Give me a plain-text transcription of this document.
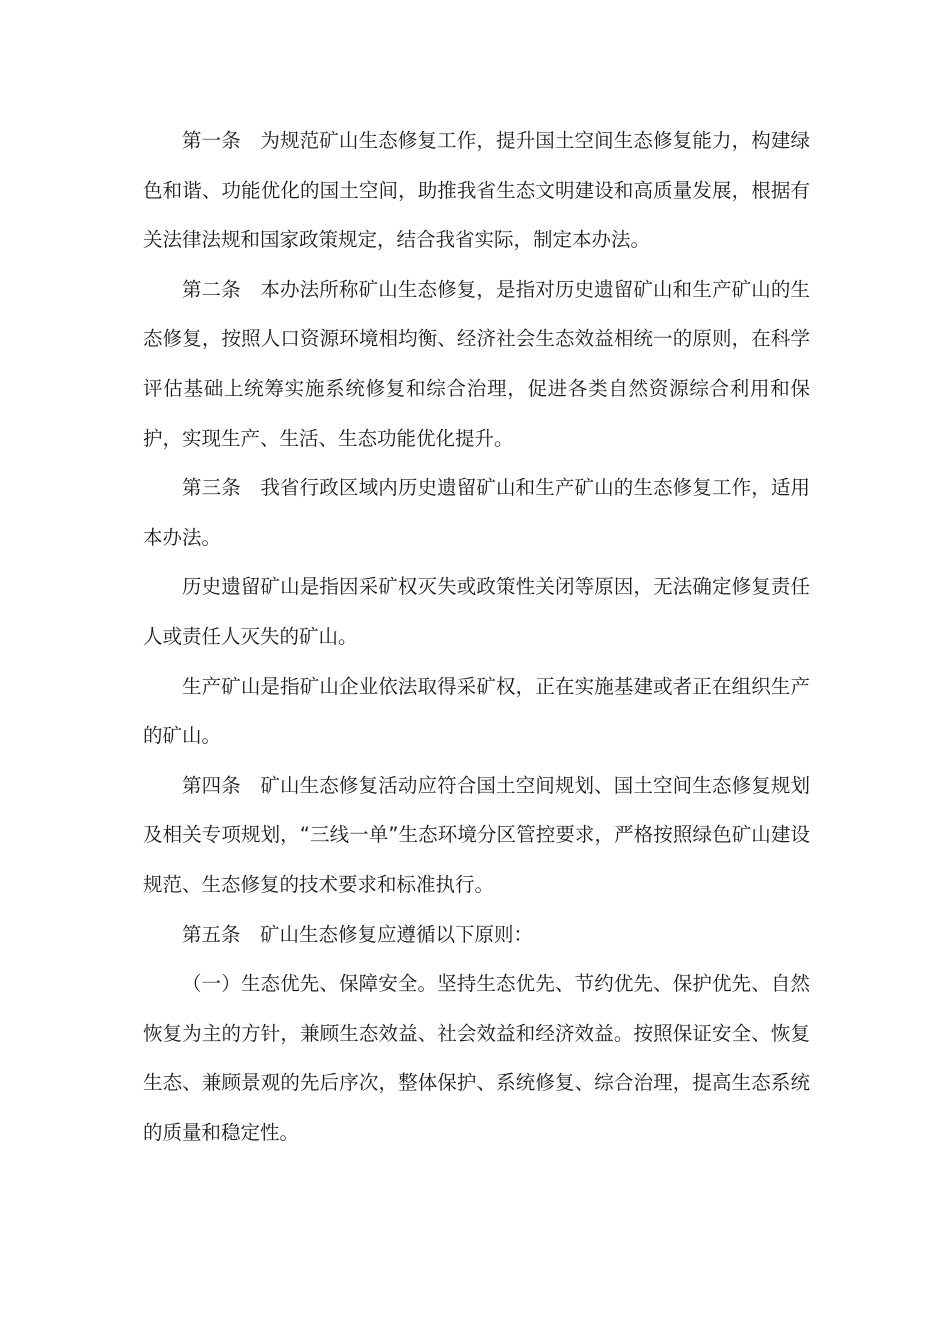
第一条 为规范矿山生态修复工作，提升国土空间生态修复能力，构建绿色和谐、功能优化的国土空间，助推我省生态文明建设和高质量发展，根据有关法律法规和国家政策规定，结合我省实际，制定本办法。

第二条 本办法所称矿山生态修复，是指对历史遗留矿山和生产矿山的生态修复，按照人口资源环境相均衡、经济社会生态效益相统一的原则，在科学评估基础上统筹实施系统修复和综合治理，促进各类自然资源综合利用和保护，实现生产、生活、生态功能优化提升。

第三条 我省行政区域内历史遗留矿山和生产矿山的生态修复工作，适用本办法。

历史遗留矿山是指因采矿权灭失或政策性关闭等原因，无法确定修复责任人或责任人灭失的矿山。

生产矿山是指矿山企业依法取得采矿权，正在实施基建或者正在组织生产的矿山。

第四条 矿山生态修复活动应符合国土空间规划、国土空间生态修复规划及相关专项规划，“三线一单”生态环境分区管控要求，严格按照绿色矿山建设规范、生态修复的技术要求和标准执行。

第五条 矿山生态修复应遵循以下原则：

（一）生态优先、保障安全。坚持生态优先、节约优先、保护优先、自然恢复为主的方针，兼顾生态效益、社会效益和经济效益。按照保证安全、恢复生态、兼顾景观的先后序次，整体保护、系统修复、综合治理，提高生态系统的质量和稳定性。
